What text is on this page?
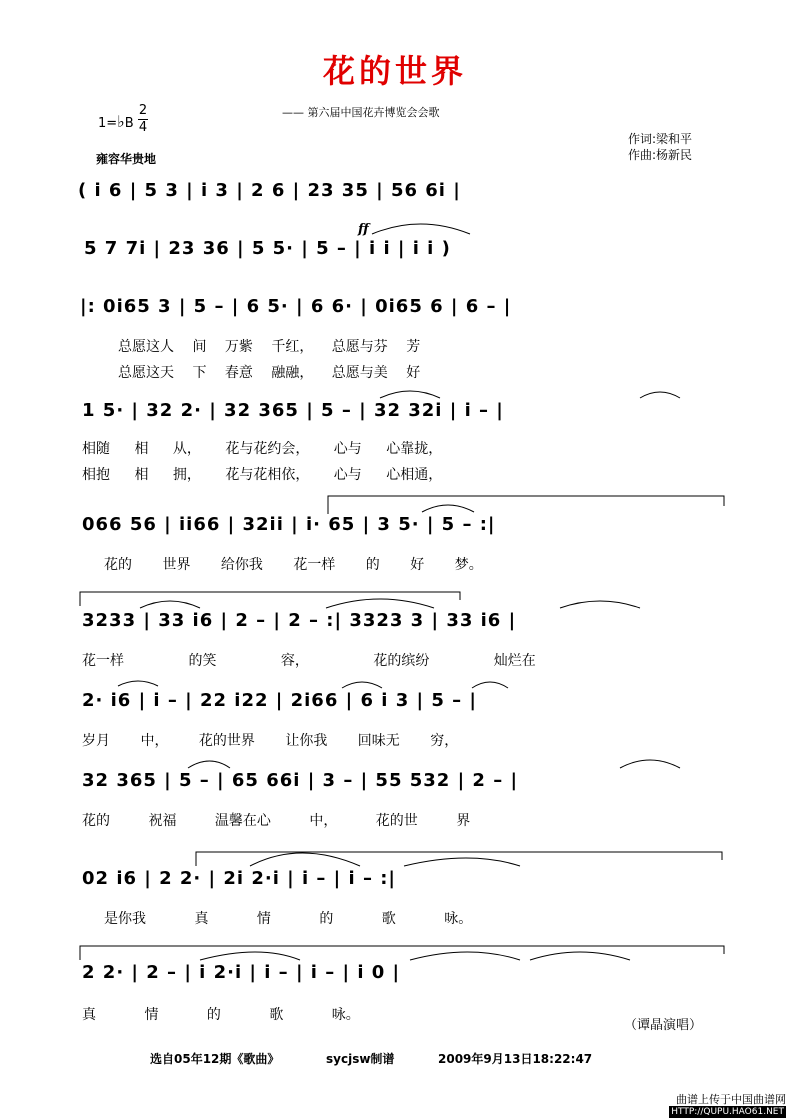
花的世界
—— 第六届中国花卉博览会会歌
1=♭B
2
4
雍容华贵地
作词:梁和平
作曲:杨新民
ff
( i 6 | 5 3 | i 3 | 2 6 | 23 35 | 56 6i |
5 7 7i | 23 36 | 5 5· | 5 – | i i | i i )
|: 0i65 3 | 5 – | 6 5· | 6 6· | 0i65 6 | 6 – |
总愿这人 间 万紫 千红， 总愿与芬 芳
总愿这天 下 春意 融融， 总愿与美 好
1 5· | 32 2· | 32 365 | 5 – | 32 32i | i – |
相随 相 从， 花与花约会， 心与 心靠拢，
相抱 相 拥， 花与花相依， 心与 心相通，
066 56 | ii66 | 32ii | i· 65 | 3 5· | 5 – :|
花的 世界 给你我 花一样 的 好 梦。
3233 | 33 i6 | 2 – | 2 – :| 3323 3 | 33 i6 |
花一样 的笑 容， 花的缤纷 灿烂在
2· i6 | i – | 22 i22 | 2i66 | 6 i 3 | 5 – |
岁月 中， 花的世界 让你我 回味无 穷，
32 365 | 5 – | 65 66i | 3 – | 55 532 | 2 – |
花的 祝福 温馨在心 中， 花的世 界
02 i6 | 2 2· | 2i 2·i | i – | i – :|
是你我 真 情 的 歌 咏。
2 2· | 2 – | i 2·i | i – | i – | i 0 |
真 情 的 歌 咏。
（谭晶演唱）
选自05年12期《歌曲》	sycjsw制谱	2009年9月13日18:22:47
曲谱上传于中国曲谱网
HTTP://QUPU.HAO61.NET
